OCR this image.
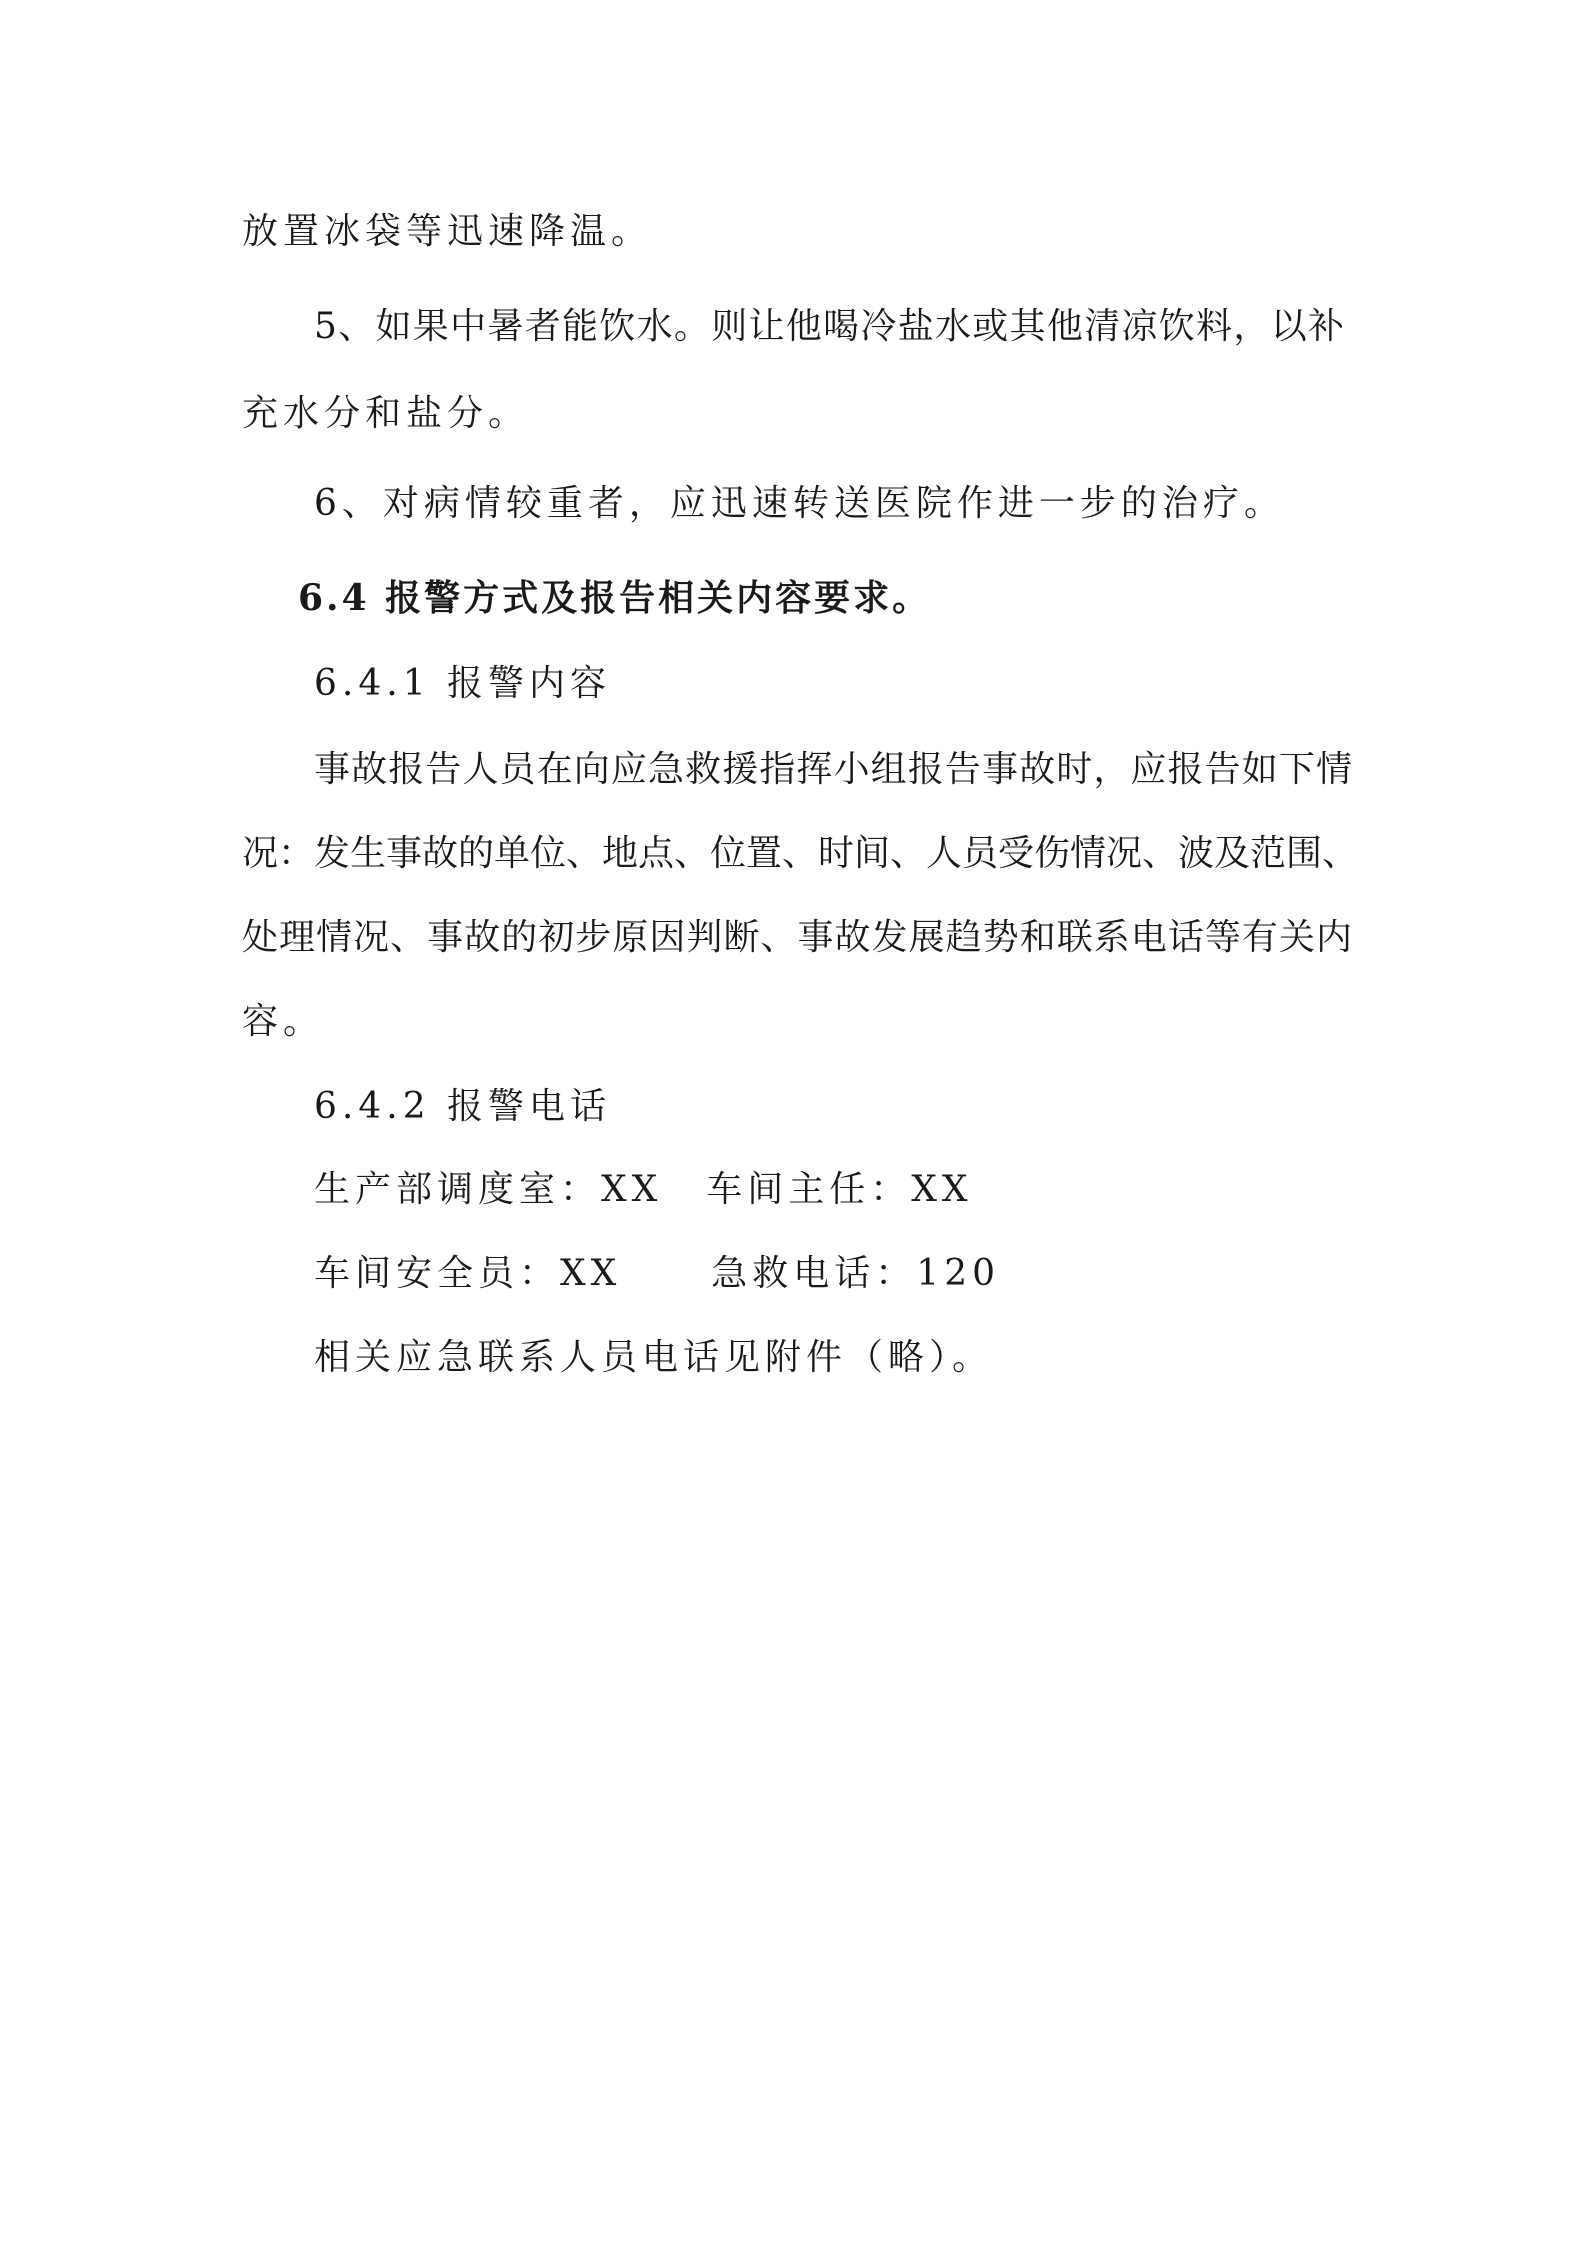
放置冰袋等迅速降温。
5、如果中暑者能饮水。则让他喝冷盐水或其他清凉饮料，以补
充水分和盐分。
6、对病情较重者，应迅速转送医院作进一步的治疗。
6.4 报警方式及报告相关内容要求。
6.4.1 报警内容
事故报告人员在向应急救援指挥小组报告事故时，应报告如下情
况：发生事故的单位、地点、位置、时间、人员受伤情况、波及范围、
处理情况、事故的初步原因判断、事故发展趋势和联系电话等有关内
容。
6.4.2 报警电话
生产部调度室：XX 车间主任：XX
车间安全员：XX	急救电话：120
相关应急联系人员电话见附件（略）。
